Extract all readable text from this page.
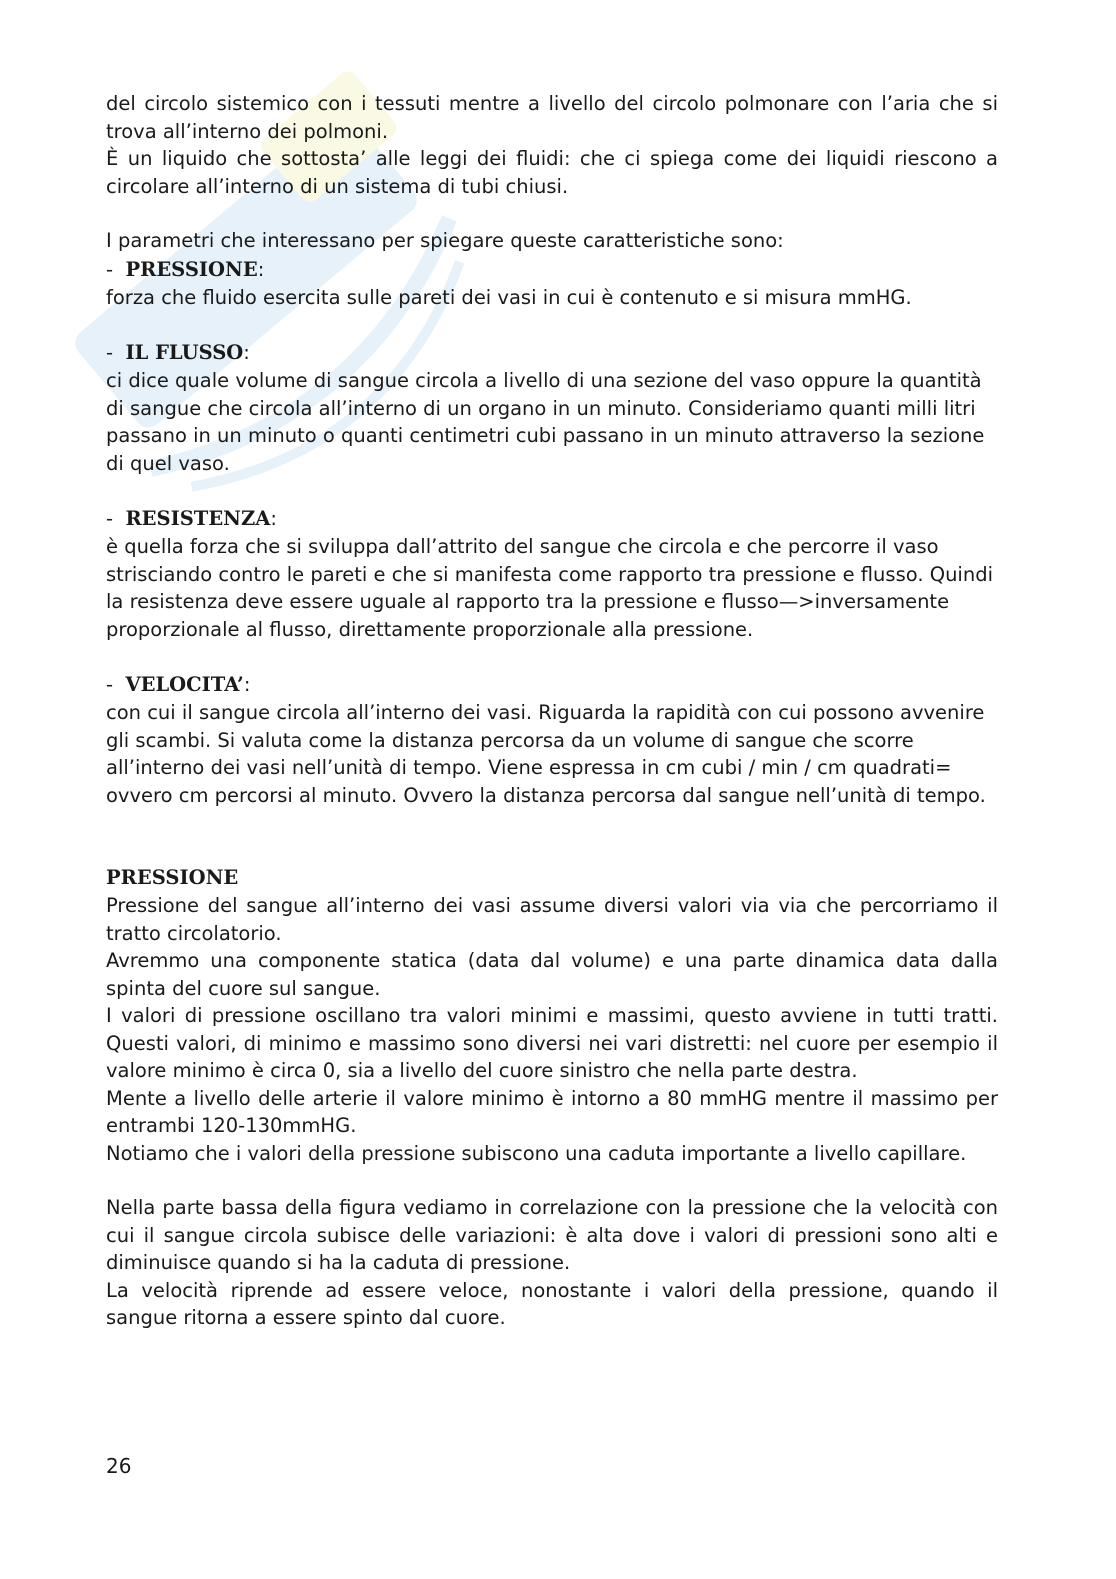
del circolo sistemico con i tessuti mentre a livello del circolo polmonare con l’aria che si trova all’interno dei polmoni.

È un liquido che sottosta’ alle leggi dei fluidi: che ci spiega come dei liquidi riescono a circolare all’interno di un sistema di tubi chiusi.

I parametri che interessano per spiegare queste caratteristiche sono:

- PRESSIONE:

forza che fluido esercita sulle pareti dei vasi in cui è contenuto e si misura mmHG.

- IL FLUSSO:

ci dice quale volume di sangue circola a livello di una sezione del vaso oppure la quantità di sangue che circola all’interno di un organo in un minuto. Consideriamo quanti milli litri passano in un minuto o quanti centimetri cubi passano in un minuto attraverso la sezione di quel vaso.

- RESISTENZA:

è quella forza che si sviluppa dall’attrito del sangue che circola e che percorre il vaso strisciando contro le pareti e che si manifesta come rapporto tra pressione e flusso. Quindi la resistenza deve essere uguale al rapporto tra la pressione e flusso—>inversamente proporzionale al flusso, direttamente proporzionale alla pressione.

- VELOCITA’:

con cui il sangue circola all’interno dei vasi. Riguarda la rapidità con cui possono avvenire gli scambi. Si valuta come la distanza percorsa da un volume di sangue che scorre all’interno dei vasi nell’unità di tempo. Viene espressa in cm cubi / min / cm quadrati= ovvero cm percorsi al minuto. Ovvero la distanza percorsa dal sangue nell’unità di tempo.

PRESSIONE

Pressione del sangue all’interno dei vasi assume diversi valori via via che percorriamo il tratto circolatorio.

Avremmo una componente statica (data dal volume) e una parte dinamica data dalla spinta del cuore sul sangue.

I valori di pressione oscillano tra valori minimi e massimi, questo avviene in tutti tratti. Questi valori, di minimo e massimo sono diversi nei vari distretti: nel cuore per esempio il valore minimo è circa 0, sia a livello del cuore sinistro che nella parte destra.

Mente a livello delle arterie il valore minimo è intorno a 80 mmHG mentre il massimo per entrambi 120-130mmHG.

Notiamo che i valori della pressione subiscono una caduta importante a livello capillare.

Nella parte bassa della figura vediamo in correlazione con la pressione che la velocità con cui il sangue circola subisce delle variazioni: è alta dove i valori di pressioni sono alti e diminuisce quando si ha la caduta di pressione.

La velocità riprende ad essere veloce, nonostante i valori della pressione, quando il sangue ritorna a essere spinto dal cuore.

26
